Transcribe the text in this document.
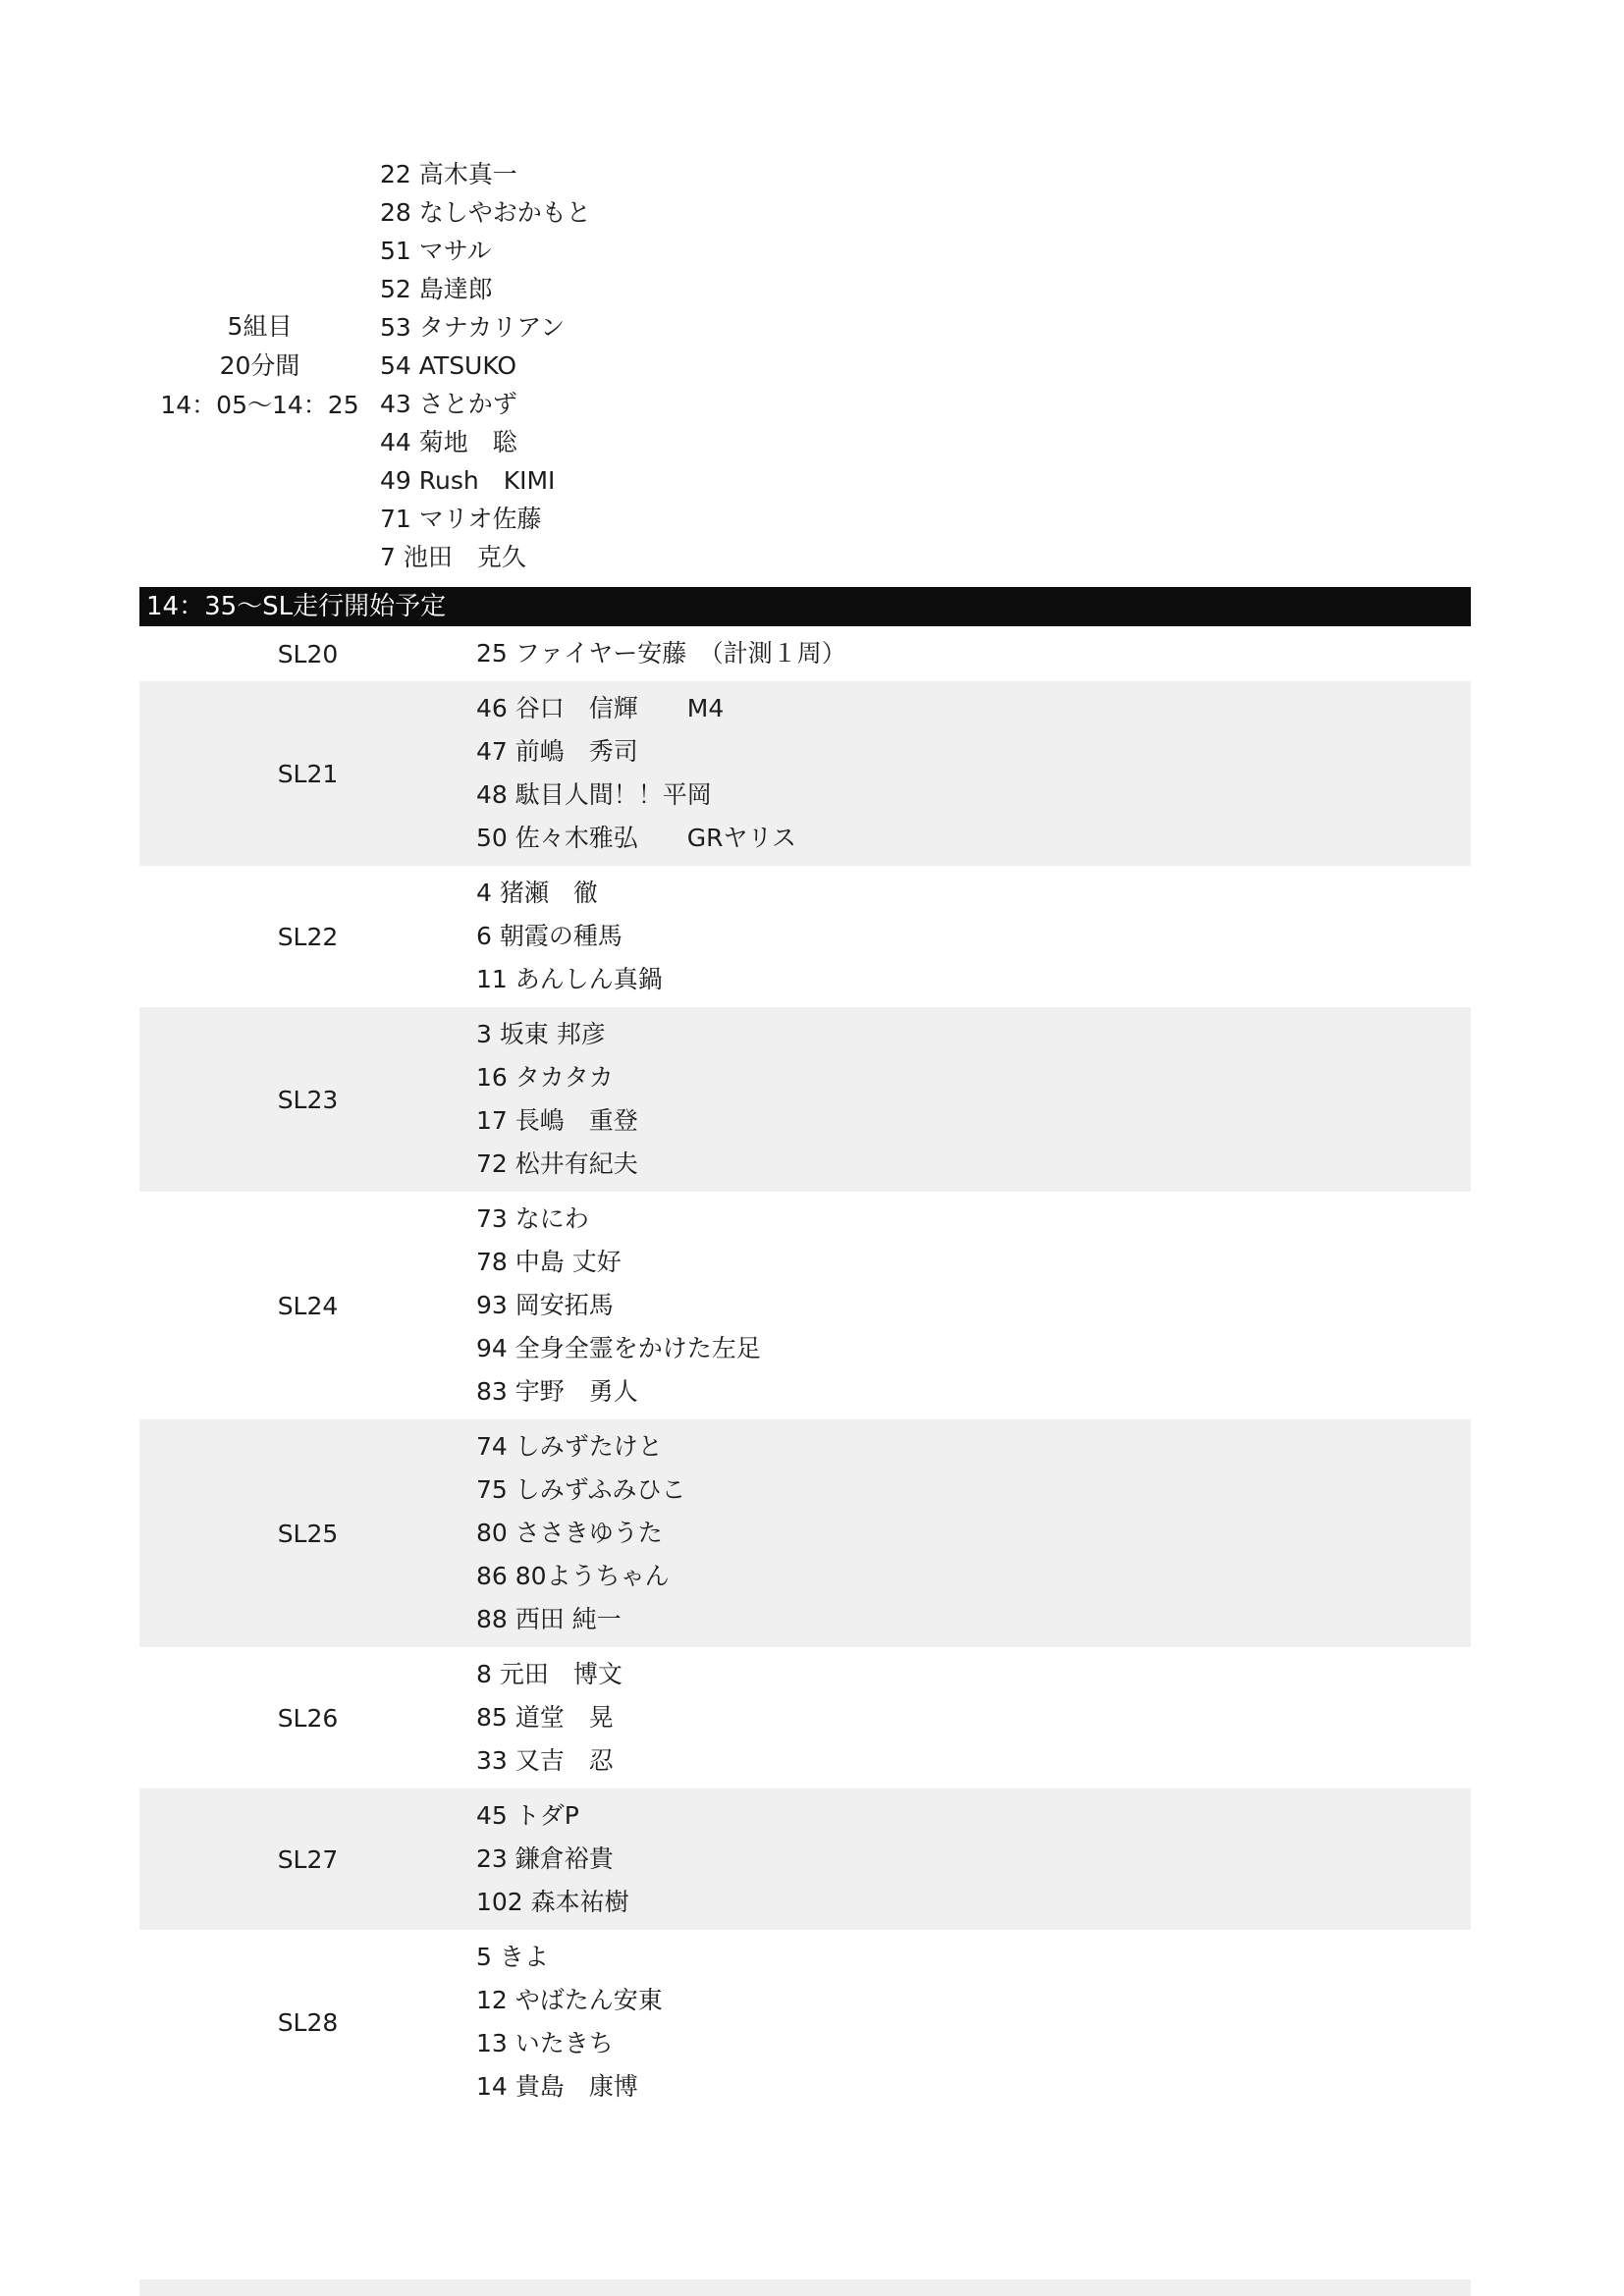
5組目
20分間
14：05〜14：25
22 高木真一
28 なしやおかもと
51 マサル
52 島達郎
53 タナカリアン
54 ATSUKO
43 さとかず
44 菊地　聡
49 Rush　KIMI
71 マリオ佐藤
7 池田　克久
14：35〜SL走行開始予定
SL20	25 ファイヤー安藤　（計測１周）
SL21
46 谷口　信輝　　M4
47 前嶋　秀司
48 駄目人間！！平岡
50 佐々木雅弘　　GRヤリス
SL22
4 猪瀬　徹
6 朝霞の種馬
11 あんしん真鍋
SL23
3 坂東 邦彦
16 タカタカ
17 長嶋　重登
72 松井有紀夫
SL24
73 なにわ
78 中島 丈好
93 岡安拓馬
94 全身全霊をかけた左足
83 宇野　勇人
SL25
74 しみずたけと
75 しみずふみひこ
80 ささきゆうた
86 80ようちゃん
88 西田 純一
SL26
8 元田　博文
85 道堂　晃
33 又吉　忍
SL27
45 トダP
23 鎌倉裕貴
102 森本祐樹
SL28
5 きよ
12 やばたん安東
13 いたきち
14 貴島　康博
